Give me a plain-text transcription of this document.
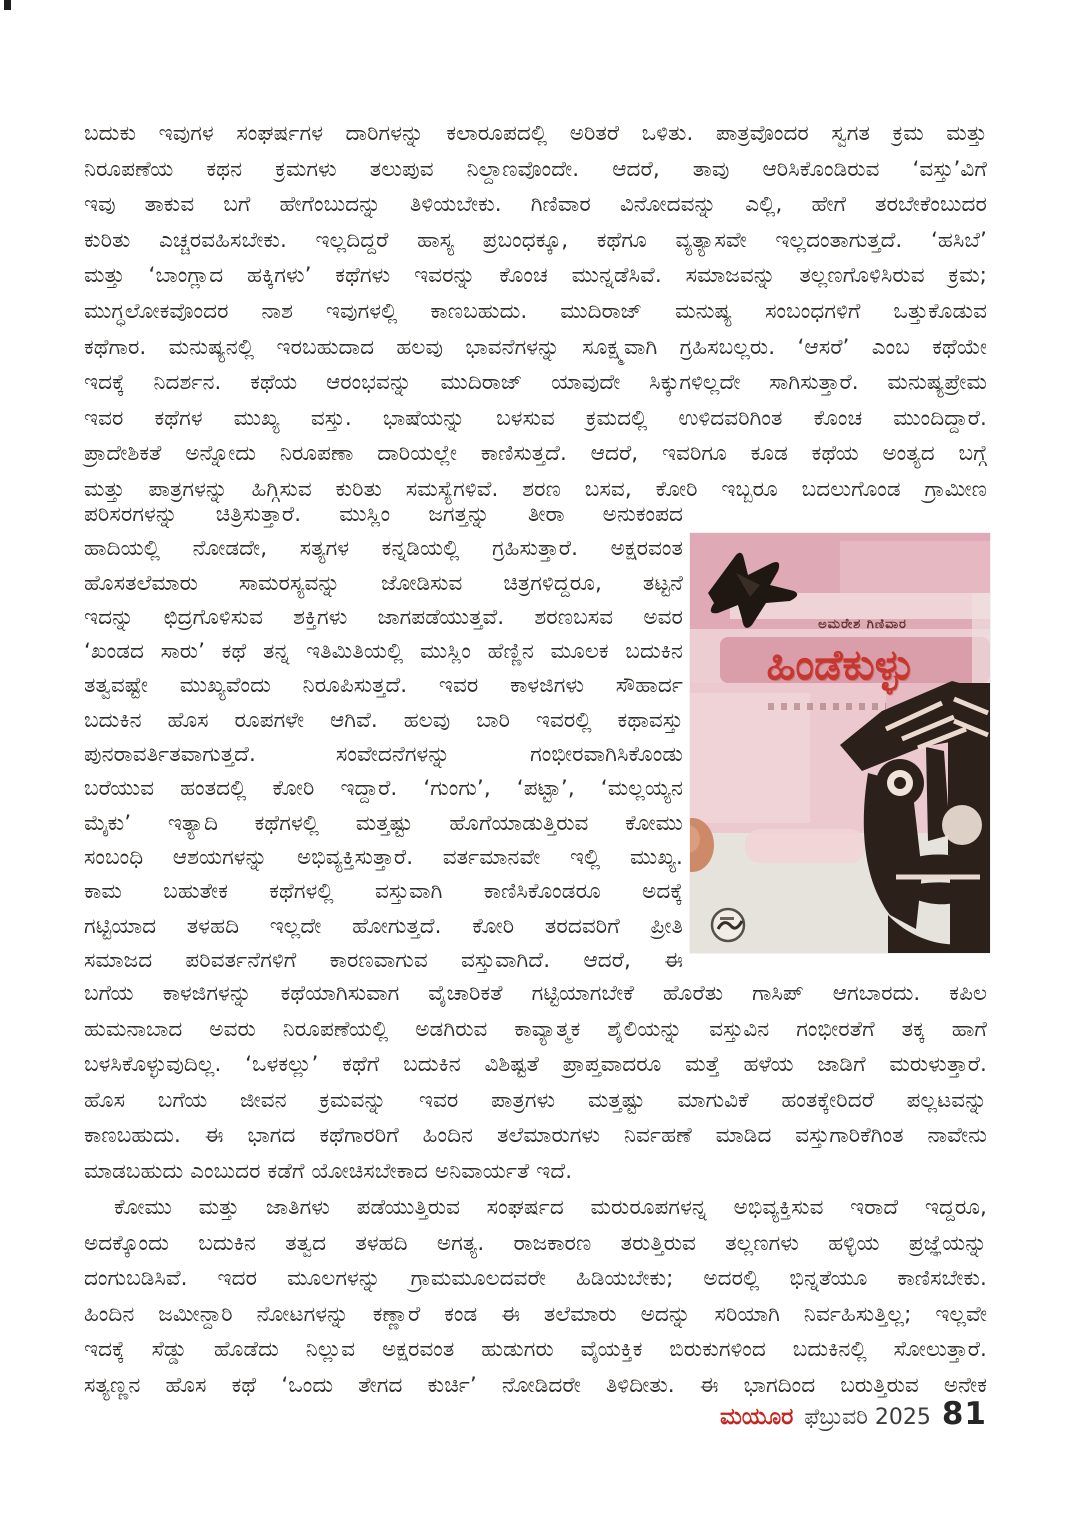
ಬದುಕು ಇವುಗಳ ಸಂಘರ್ಷಗಳ ದಾರಿಗಳನ್ನು ಕಲಾರೂಪದಲ್ಲಿ ಅರಿತರೆ ಒಳಿತು. ಪಾತ್ರವೊಂದರ ಸ್ವಗತ ಕ್ರಮ ಮತ್ತು
ನಿರೂಪಣೆಯ ಕಥನ ಕ್ರಮಗಳು ತಲುಪುವ ನಿಲ್ದಾಣವೊಂದೇ. ಆದರೆ, ತಾವು ಆರಿಸಿಕೊಂಡಿರುವ ‘ವಸ್ತು’ವಿಗೆ
ಇವು ತಾಕುವ ಬಗೆ ಹೇಗೆಂಬುದನ್ನು ತಿಳಿಯಬೇಕು. ಗಿಣಿವಾರ ವಿನೋದವನ್ನು ಎಲ್ಲಿ, ಹೇಗೆ ತರಬೇಕೆಂಬುದರ
ಕುರಿತು ಎಚ್ಚರವಹಿಸಬೇಕು. ಇಲ್ಲದಿದ್ದರೆ ಹಾಸ್ಯ ಪ್ರಬಂಧಕ್ಕೂ, ಕಥೆಗೂ ವ್ಯತ್ಯಾಸವೇ ಇಲ್ಲದಂತಾಗುತ್ತದೆ. ‘ಹಸಿಬೆ’
ಮತ್ತು ‘ಬಾಂಗ್ಲಾದ ಹಕ್ಕಿಗಳು’ ಕಥೆಗಳು ಇವರನ್ನು ಕೊಂಚ ಮುನ್ನಡೆಸಿವೆ. ಸಮಾಜವನ್ನು ತಲ್ಲಣಗೊಳಿಸಿರುವ ಕ್ರಮ;
ಮುಗ್ಧಲೋಕವೊಂದರ ನಾಶ ಇವುಗಳಲ್ಲಿ ಕಾಣಬಹುದು. ಮುದಿರಾಜ್ ಮನುಷ್ಯ ಸಂಬಂಧಗಳಿಗೆ ಒತ್ತುಕೊಡುವ
ಕಥೆಗಾರ. ಮನುಷ್ಯನಲ್ಲಿ ಇರಬಹುದಾದ ಹಲವು ಭಾವನೆಗಳನ್ನು ಸೂಕ್ಷ್ಮವಾಗಿ ಗ್ರಹಿಸಬಲ್ಲರು. ‘ಆಸರೆ’ ಎಂಬ ಕಥೆಯೇ
ಇದಕ್ಕೆ ನಿದರ್ಶನ. ಕಥೆಯ ಆರಂಭವನ್ನು ಮುದಿರಾಜ್ ಯಾವುದೇ ಸಿಕ್ಕುಗಳಿಲ್ಲದೇ ಸಾಗಿಸುತ್ತಾರೆ. ಮನುಷ್ಯಪ್ರೇಮ
ಇವರ ಕಥೆಗಳ ಮುಖ್ಯ ವಸ್ತು. ಭಾಷೆಯನ್ನು ಬಳಸುವ ಕ್ರಮದಲ್ಲಿ ಉಳಿದವರಿಗಿಂತ ಕೊಂಚ ಮುಂದಿದ್ದಾರೆ.
ಪ್ರಾದೇಶಿಕತೆ ಅನ್ನೋದು ನಿರೂಪಣಾ ದಾರಿಯಲ್ಲೇ ಕಾಣಿಸುತ್ತದೆ. ಆದರೆ, ಇವರಿಗೂ ಕೂಡ ಕಥೆಯ ಅಂತ್ಯದ ಬಗ್ಗೆ
ಮತ್ತು ಪಾತ್ರಗಳನ್ನು ಹಿಗ್ಗಿಸುವ ಕುರಿತು ಸಮಸ್ಯೆಗಳಿವೆ. ಶರಣ ಬಸವ, ಕೋರಿ ಇಬ್ಬರೂ ಬದಲುಗೊಂಡ ಗ್ರಾಮೀಣ
ಪರಿಸರಗಳನ್ನು ಚಿತ್ರಿಸುತ್ತಾರೆ. ಮುಸ್ಲಿಂ ಜಗತ್ತನ್ನು ತೀರಾ ಅನುಕಂಪದ
ಹಾದಿಯಲ್ಲಿ ನೋಡದೇ, ಸತ್ಯಗಳ ಕನ್ನಡಿಯಲ್ಲಿ ಗ್ರಹಿಸುತ್ತಾರೆ. ಅಕ್ಷರವಂತ
ಹೊಸತಲೆಮಾರು ಸಾಮರಸ್ಯವನ್ನು ಜೋಡಿಸುವ ಚಿತ್ರಗಳಿದ್ದರೂ, ತಟ್ಟನೆ
ಇದನ್ನು ಛಿದ್ರಗೊಳಿಸುವ ಶಕ್ತಿಗಳು ಜಾಗಪಡೆಯುತ್ತವೆ. ಶರಣಬಸವ ಅವರ
‘ಖಂಡದ ಸಾರು’ ಕಥೆ ತನ್ನ ಇತಿಮಿತಿಯಲ್ಲಿ ಮುಸ್ಲಿಂ ಹೆಣ್ಣಿನ ಮೂಲಕ ಬದುಕಿನ
ತತ್ವವಷ್ಟೇ ಮುಖ್ಯವೆಂದು ನಿರೂಪಿಸುತ್ತದೆ. ಇವರ ಕಾಳಜಿಗಳು ಸೌಹಾರ್ದ
ಬದುಕಿನ ಹೊಸ ರೂಪಗಳೇ ಆಗಿವೆ. ಹಲವು ಬಾರಿ ಇವರಲ್ಲಿ ಕಥಾವಸ್ತು
ಪುನರಾವರ್ತಿತವಾಗುತ್ತದೆ. ಸಂವೇದನೆಗಳನ್ನು ಗಂಭೀರವಾಗಿಸಿಕೊಂಡು
ಬರೆಯುವ ಹಂತದಲ್ಲಿ ಕೋರಿ ಇದ್ದಾರೆ. ‘ಗುಂಗು’, ‘ಪಟ್ಟಾ’, ‘ಮಲ್ಲಯ್ಯನ
ಮೈಕು’ ಇತ್ಯಾದಿ ಕಥೆಗಳಲ್ಲಿ ಮತ್ತಷ್ಟು ಹೊಗೆಯಾಡುತ್ತಿರುವ ಕೋಮು
ಸಂಬಂಧಿ ಆಶಯಗಳನ್ನು ಅಭಿವ್ಯಕ್ತಿಸುತ್ತಾರೆ. ವರ್ತಮಾನವೇ ಇಲ್ಲಿ ಮುಖ್ಯ.
ಕಾಮ ಬಹುತೇಕ ಕಥೆಗಳಲ್ಲಿ ವಸ್ತುವಾಗಿ ಕಾಣಿಸಿಕೊಂಡರೂ ಅದಕ್ಕೆ
ಗಟ್ಟಿಯಾದ ತಳಹದಿ ಇಲ್ಲದೇ ಹೋಗುತ್ತದೆ. ಕೋರಿ ತರದವರಿಗೆ ಪ್ರೀತಿ
ಸಮಾಜದ ಪರಿವರ್ತನೆಗಳಿಗೆ ಕಾರಣವಾಗುವ ವಸ್ತುವಾಗಿದೆ. ಆದರೆ, ಈ
ಬಗೆಯ ಕಾಳಜಿಗಳನ್ನು ಕಥೆಯಾಗಿಸುವಾಗ ವೈಚಾರಿಕತೆ ಗಟ್ಟಿಯಾಗಬೇಕೆ ಹೊರೆತು ಗಾಸಿಪ್ ಆಗಬಾರದು. ಕಪಿಲ
ಹುಮನಾಬಾದ ಅವರು ನಿರೂಪಣೆಯಲ್ಲಿ ಅಡಗಿರುವ ಕಾವ್ಯಾತ್ಮಕ ಶೈಲಿಯನ್ನು ವಸ್ತುವಿನ ಗಂಭೀರತೆಗೆ ತಕ್ಕ ಹಾಗೆ
ಬಳಸಿಕೊಳ್ಳುವುದಿಲ್ಲ. ‘ಒಳಕಲ್ಲು’ ಕಥೆಗೆ ಬದುಕಿನ ವಿಶಿಷ್ಟತೆ ಪ್ರಾಪ್ತವಾದರೂ ಮತ್ತೆ ಹಳೆಯ ಜಾಡಿಗೆ ಮರುಳುತ್ತಾರೆ.
ಹೊಸ ಬಗೆಯ ಜೀವನ ಕ್ರಮವನ್ನು ಇವರ ಪಾತ್ರಗಳು ಮತ್ತಷ್ಟು ಮಾಗುವಿಕೆ ಹಂತಕ್ಕೇರಿದರೆ ಪಲ್ಲಟವನ್ನು
ಕಾಣಬಹುದು. ಈ ಭಾಗದ ಕಥೆಗಾರರಿಗೆ ಹಿಂದಿನ ತಲೆಮಾರುಗಳು ನಿರ್ವಹಣೆ ಮಾಡಿದ ವಸ್ತುಗಾರಿಕೆಗಿಂತ ನಾವೇನು
ಮಾಡಬಹುದು ಎಂಬುದರ ಕಡೆಗೆ ಯೋಚಿಸಬೇಕಾದ ಅನಿವಾರ್ಯತೆ ಇದೆ.
ಕೋಮು ಮತ್ತು ಜಾತಿಗಳು ಪಡೆಯುತ್ತಿರುವ ಸಂಘರ್ಷದ ಮರುರೂಪಗಳನ್ನ ಅಭಿವ್ಯಕ್ತಿಸುವ ಇರಾದೆ ಇದ್ದರೂ,
ಅದಕ್ಕೊಂದು ಬದುಕಿನ ತತ್ವದ ತಳಹದಿ ಅಗತ್ಯ. ರಾಜಕಾರಣ ತರುತ್ತಿರುವ ತಲ್ಲಣಗಳು ಹಳ್ಳಿಯ ಪ್ರಜ್ಞೆಯನ್ನು
ದಂಗುಬಡಿಸಿವೆ. ಇದರ ಮೂಲಗಳನ್ನು ಗ್ರಾಮಮೂಲದವರೇ ಹಿಡಿಯಬೇಕು; ಅದರಲ್ಲಿ ಭಿನ್ನತೆಯೂ ಕಾಣಿಸಬೇಕು.
ಹಿಂದಿನ ಜಮೀನ್ದಾರಿ ನೋಟಗಳನ್ನು ಕಣ್ಣಾರೆ ಕಂಡ ಈ ತಲೆಮಾರು ಅದನ್ನು ಸರಿಯಾಗಿ ನಿರ್ವಹಿಸುತ್ತಿಲ್ಲ; ಇಲ್ಲವೇ
ಇದಕ್ಕೆ ಸೆಡ್ಡು ಹೊಡೆದು ನಿಲ್ಲುವ ಅಕ್ಷರವಂತ ಹುಡುಗರು ವೈಯಕ್ತಿಕ ಬಿರುಕುಗಳಿಂದ ಬದುಕಿನಲ್ಲಿ ಸೋಲುತ್ತಾರೆ.
ಸತ್ಯಣ್ಣನ ಹೊಸ ಕಥೆ ‘ಒಂದು ತೇಗದ ಕುರ್ಚಿ’ ನೋಡಿದರೇ ತಿಳಿದೀತು. ಈ ಭಾಗದಿಂದ ಬರುತ್ತಿರುವ ಅನೇಕ
ಅಮರೇಶ ಗಿಣಿವಾರ
ಹಿಂಡೆಕುಳ್ಳು
ಮಯೂರ ಫೆಬ್ರುವರಿ 2025 81
